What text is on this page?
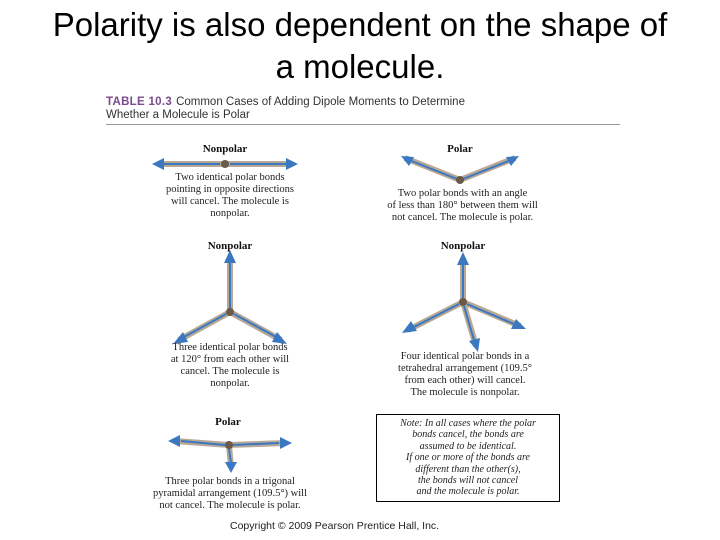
Polarity is also dependent on the shape of
a molecule.
TABLE 10.3 Common Cases of Adding Dipole Moments to Determine
Whether a Molecule is Polar
Nonpolar
Two identical polar bonds
pointing in opposite directions
will cancel. The molecule is
nonpolar.
Polar
Two polar bonds with an angle
of less than 180° between them will
not cancel. The molecule is polar.
Nonpolar
Three identical polar bonds
at 120° from each other will
cancel. The molecule is
nonpolar.
Nonpolar
Four identical polar bonds in a
tetrahedral arrangement (109.5°
from each other) will cancel.
The molecule is nonpolar.
Polar
Three polar bonds in a trigonal
pyramidal arrangement (109.5°) will
not cancel. The molecule is polar.
Note: In all cases where the polar
bonds cancel, the bonds are
assumed to be identical.
If one or more of the bonds are
different than the other(s),
the bonds will not cancel
and the molecule is polar.
Copyright © 2009 Pearson Prentice Hall, Inc.
